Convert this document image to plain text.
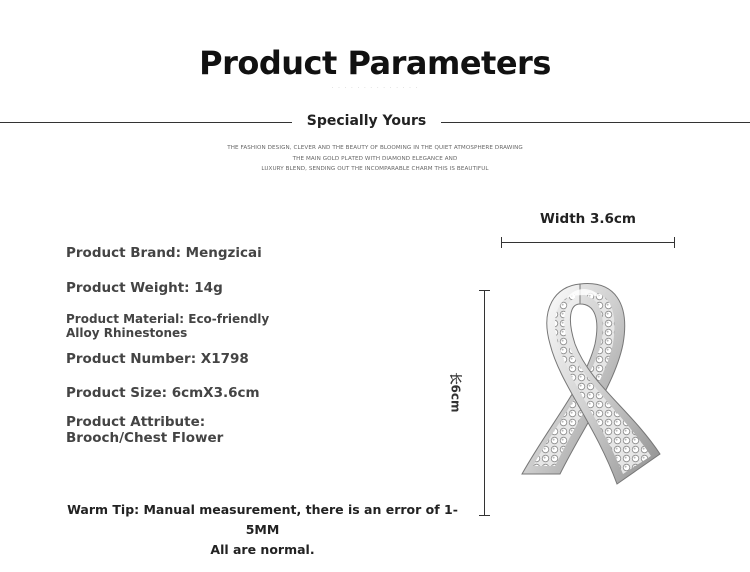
Product Parameters
· · · · · · · · · · · · · ·
Specially Yours
THE FASHION DESIGN, CLEVER AND THE BEAUTY OF BLOOMING IN THE QUIET ATMOSPHERE DRAWING
THE MAIN GOLD PLATED WITH DIAMOND ELEGANCE AND
LUXURY BLEND, SENDING OUT THE INCOMPARABLE CHARM THIS IS BEAUTIFUL
Product Brand: Mengzicai
Product Weight: 14g
Product Material: Eco-friendly Alloy Rhinestones
Product Number: X1798
Product Size: 6cmX3.6cm
Product Attribute: Brooch/Chest Flower
Warm Tip: Manual measurement, there is an error of 1-5MM
All are normal.
Width 3.6cm
长6cm
